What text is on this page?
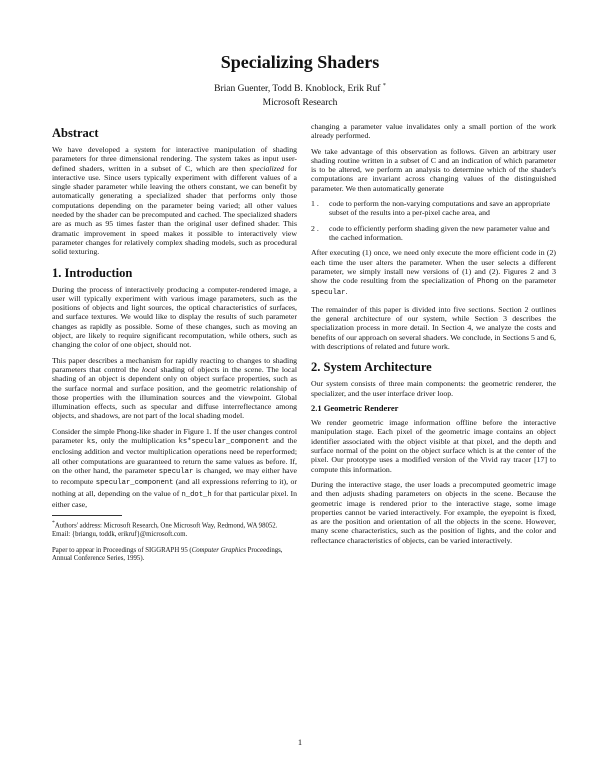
Specializing Shaders
Brian Guenter, Todd B. Knoblock, Erik Ruf *
Microsoft Research
Abstract

We have developed a system for interactive manipulation of shading parameters for three dimensional rendering. The system takes as input user-defined shaders, written in a subset of C, which are then specialized for interactive use. Since users typically experiment with different values of a single shader parameter while leaving the others constant, we can benefit by automatically generating a specialized shader that performs only those computations depending on the parameter being varied; all other values needed by the shader can be precomputed and cached. The specialized shaders are as much as 95 times faster than the original user defined shader. This dramatic improvement in speed makes it possible to interactively view parameter changes for relatively complex shading models, such as procedural solid texturing.

1. Introduction

During the process of interactively producing a computer-rendered image, a user will typically experiment with various image parameters, such as the positions of objects and light sources, the optical characteristics of surfaces, and surface textures. We would like to display the results of such parameter changes as rapidly as possible. Some of these changes, such as moving an object, are likely to require significant recomputation, while others, such as changing the color of one object, should not.

This paper describes a mechanism for rapidly reacting to changes to shading parameters that control the local shading of objects in the scene. The local shading of an object is dependent only on object surface properties, such as the surface normal and surface position, and the geometric relationship of those properties with the illumination sources and the viewpoint. Global illumination effects, such as specular and diffuse interreflectance among objects, and shadows, are not part of the local shading model.

Consider the simple Phong-like shader in Figure 1. If the user changes control parameter ks, only the multiplication ks*specular_component and the enclosing addition and vector multiplication operations need be reperformed; all other computations are guaranteed to return the same values as before. If, on the other hand, the parameter specular is changed, we may either have to recompute specular_component (and all expressions referring to it), or nothing at all, depending on the value of n_dot_h for that particular pixel. In either case,

*Authors' address: Microsoft Research, One Microsoft Way, Redmond, WA 98052. Email: {briangu, toddk, erikruf}@microsoft.com.
Paper to appear in Proceedings of SIGGRAPH 95 (Computer Graphics Proceedings, Annual Conference Series, 1995).

changing a parameter value invalidates only a small portion of the work already performed.

We take advantage of this observation as follows. Given an arbitrary user shading routine written in a subset of C and an indication of which parameter is to be altered, we perform an analysis to determine which of the shader's computations are invariant across changing values of the distinguished parameter. We then automatically generate

1 .	code to perform the non-varying computations and save an appropriate subset of the results into a per-pixel cache area, and
2 .	code to efficiently perform shading given the new parameter value and the cached information.

After executing (1) once, we need only execute the more efficient code in (2) each time the user alters the parameter. When the user selects a different parameter, we simply install new versions of (1) and (2). Figures 2 and 3 show the code resulting from the specialization of Phong on the parameter specular.

The remainder of this paper is divided into five sections. Section 2 outlines the general architecture of our system, while Section 3 describes the specialization process in more detail. In Section 4, we analyze the costs and benefits of our approach on several shaders. We conclude, in Sections 5 and 6, with descriptions of related and future work.

2. System Architecture

Our system consists of three main components: the geometric renderer, the specializer, and the user interface driver loop.

2.1 Geometric Renderer

We render geometric image information offline before the interactive manipulation stage. Each pixel of the geometric image contains an object identifier associated with the object visible at that pixel, and the depth and surface normal of the point on the object surface which is at the center of the pixel. Our prototype uses a modified version of the Vivid ray tracer [17] to compute this information.

During the interactive stage, the user loads a precomputed geometric image and then adjusts shading parameters on objects in the scene. Because the geometric image is rendered prior to the interactive stage, some image properties cannot be varied interactively. For example, the eyepoint is fixed, as are the position and orientation of all the objects in the scene. However, many scene characteristics, such as the position of lights, and the color and reflectance characteristics of objects, can be varied interactively.

1
